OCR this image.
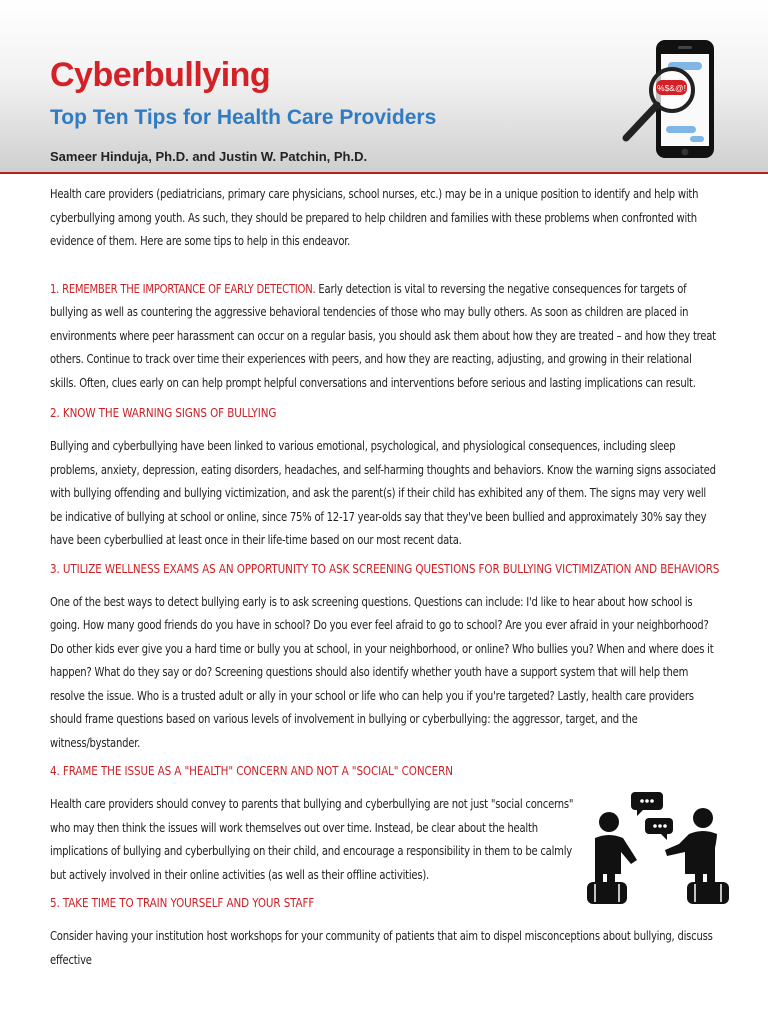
Cyberbullying
Top Ten Tips for Health Care Providers

Sameer Hinduja, Ph.D. and Justin W. Patchin, Ph.D.

%$&@!

Health care providers (pediatricians, primary care physicians, school nurses, etc.) may be in a unique position to identify and help with cyberbullying among youth. As such, they should be prepared to help children and families with these problems when confronted with evidence of them. Here are some tips to help in this endeavor.

1. REMEMBER THE IMPORTANCE OF EARLY DETECTION. Early detection is vital to reversing the negative consequences for targets of bullying as well as countering the aggressive behavioral tendencies of those who may bully others. As soon as children are placed in environments where peer harassment can occur on a regular basis, you should ask them about how they are treated – and how they treat others. Continue to track over time their experiences with peers, and how they are reacting, adjusting, and growing in their relational skills. Often, clues early on can help prompt helpful conversations and interventions before serious and lasting implications can result.

2. KNOW THE WARNING SIGNS OF BULLYING

Bullying and cyberbullying have been linked to various emotional, psychological, and physiological consequences, including sleep problems, anxiety, depression, eating disorders, headaches, and self-harming thoughts and behaviors. Know the warning signs associated with bullying offending and bullying victimization, and ask the parent(s) if their child has exhibited any of them. The signs may very well be indicative of bullying at school or online, since 75% of 12-17 year-olds say that they've been bullied and approximately 30% say they have been cyberbullied at least once in their life-time based on our most recent data.

3. UTILIZE WELLNESS EXAMS AS AN OPPORTUNITY TO ASK SCREENING QUESTIONS FOR BULLYING VICTIMIZATION AND BEHAVIORS

One of the best ways to detect bullying early is to ask screening questions. Questions can include: I'd like to hear about how school is going. How many good friends do you have in school? Do you ever feel afraid to go to school? Are you ever afraid in your neighborhood? Do other kids ever give you a hard time or bully you at school, in your neighborhood, or online? Who bullies you? When and where does it happen? What do they say or do? Screening questions should also identify whether youth have a support system that will help them resolve the issue. Who is a trusted adult or ally in your school or life who can help you if you're targeted? Lastly, health care providers should frame questions based on various levels of involvement in bullying or cyberbullying: the aggressor, target, and the witness/bystander.

4. FRAME THE ISSUE AS A "HEALTH" CONCERN AND NOT A "SOCIAL" CONCERN

Health care providers should convey to parents that bullying and cyberbullying are not just "social concerns" who may then think the issues will work themselves out over time. Instead, be clear about the health implications of bullying and cyberbullying on their child, and encourage a responsibility in them to be calmly but actively involved in their online activities (as well as their offline activities).

5. TAKE TIME TO TRAIN YOURSELF AND YOUR STAFF

Consider having your institution host workshops for your community of patients that aim to dispel misconceptions about bullying, discuss effective
